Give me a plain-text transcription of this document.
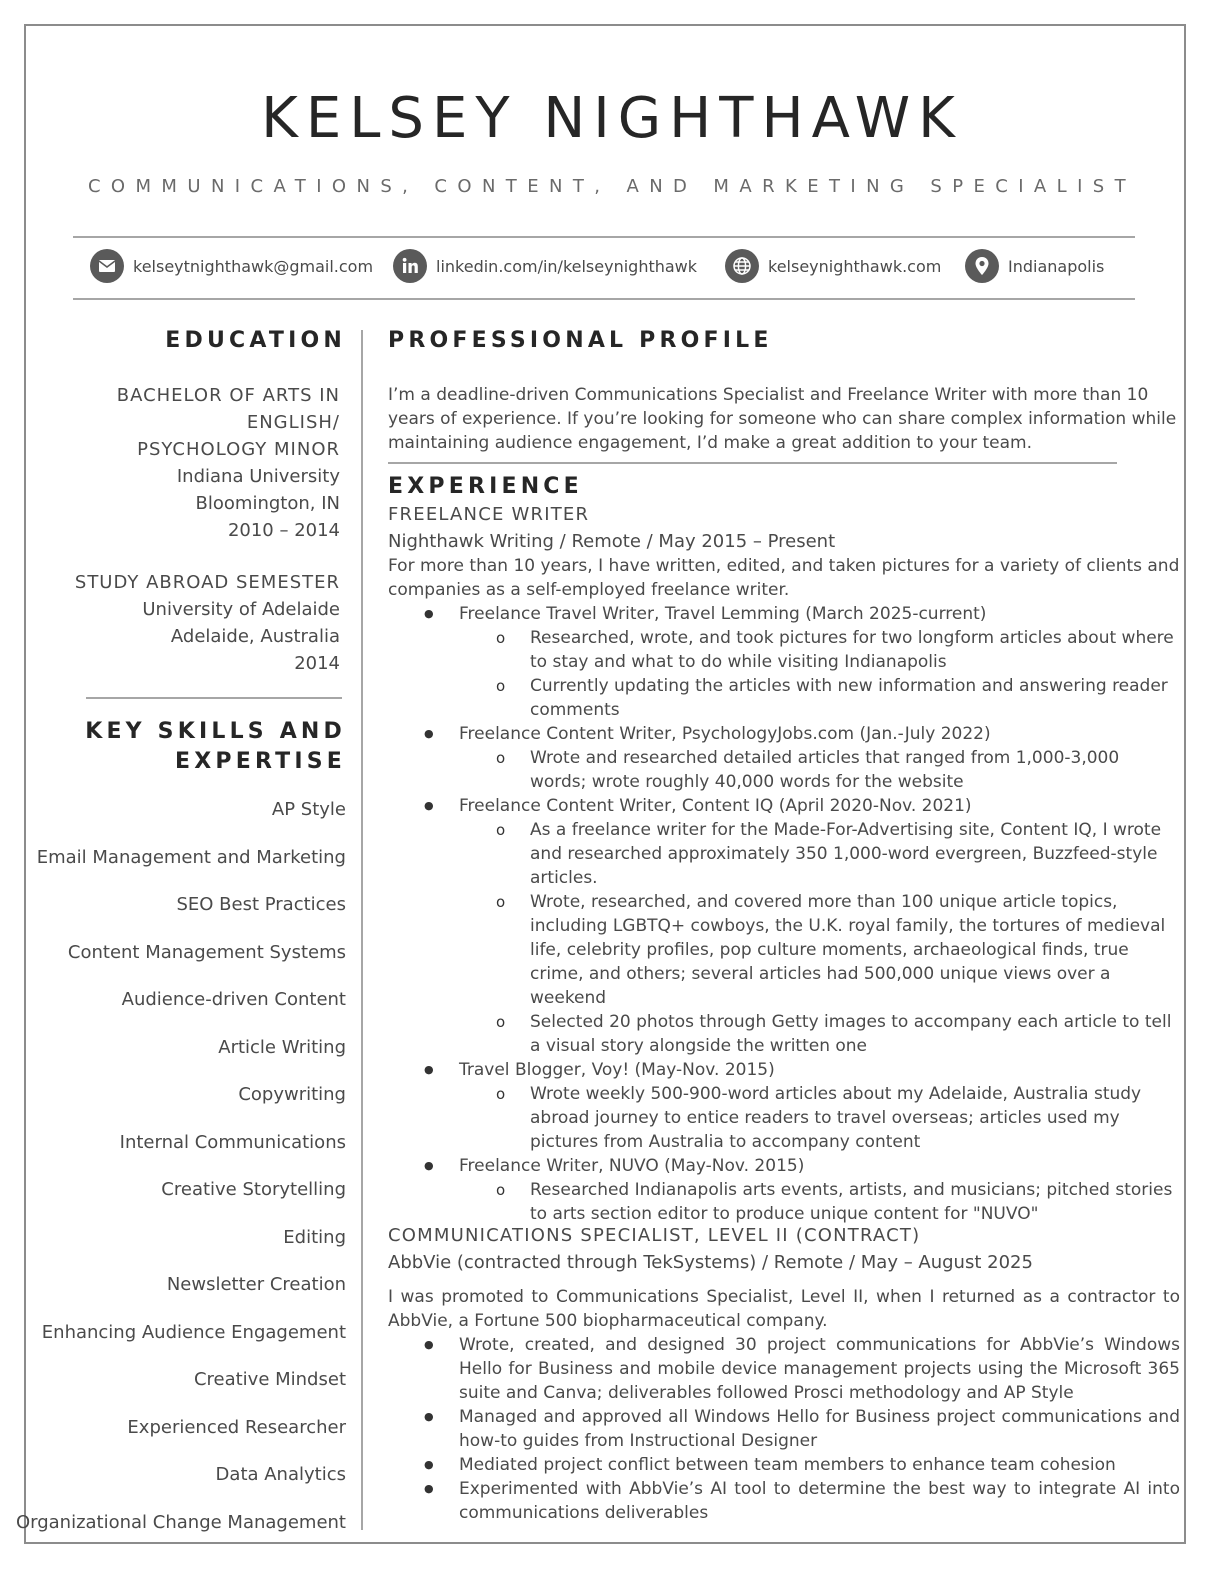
KELSEY NIGHTHAWK
COMMUNICATIONS, CONTENT, AND MARKETING SPECIALIST
kelseytnighthawk@gmail.com	linkedin.com/in/kelseynighthawk	kelseynighthawk.com	Indianapolis
EDUCATION
BACHELOR OF ARTS IN
ENGLISH/
PSYCHOLOGY MINOR
Indiana University
Bloomington, IN
2010 – 2014
STUDY ABROAD SEMESTER
University of Adelaide
Adelaide, Australia
2014
KEY SKILLS AND
EXPERTISE
AP Style
Email Management and Marketing
SEO Best Practices
Content Management Systems
Audience-driven Content
Article Writing
Copywriting
Internal Communications
Creative Storytelling
Editing
Newsletter Creation
Enhancing Audience Engagement
Creative Mindset
Experienced Researcher
Data Analytics
Organizational Change Management
PROFESSIONAL PROFILE
I’m a deadline-driven Communications Specialist and Freelance Writer with more than 10 years of experience. If you’re looking for someone who can share complex information while maintaining audience engagement, I’d make a great addition to your team.
EXPERIENCE
FREELANCE WRITER
Nighthawk Writing / Remote / May 2015 – Present
For more than 10 years, I have written, edited, and taken pictures for a variety of clients and companies as a self-employed freelance writer.
● Freelance Travel Writer, Travel Lemming (March 2025-current)
o Researched, wrote, and took pictures for two longform articles about where to stay and what to do while visiting Indianapolis
o Currently updating the articles with new information and answering reader comments
● Freelance Content Writer, PsychologyJobs.com (Jan.-July 2022)
o Wrote and researched detailed articles that ranged from 1,000-3,000 words; wrote roughly 40,000 words for the website
● Freelance Content Writer, Content IQ (April 2020-Nov. 2021)
o As a freelance writer for the Made-For-Advertising site, Content IQ, I wrote and researched approximately 350 1,000-word evergreen, Buzzfeed-style articles.
o Wrote, researched, and covered more than 100 unique article topics, including LGBTQ+ cowboys, the U.K. royal family, the tortures of medieval life, celebrity profiles, pop culture moments, archaeological finds, true crime, and others; several articles had 500,000 unique views over a weekend
o Selected 20 photos through Getty images to accompany each article to tell a visual story alongside the written one
● Travel Blogger, Voy! (May-Nov. 2015)
o Wrote weekly 500-900-word articles about my Adelaide, Australia study abroad journey to entice readers to travel overseas; articles used my pictures from Australia to accompany content
● Freelance Writer, NUVO (May-Nov. 2015)
o Researched Indianapolis arts events, artists, and musicians; pitched stories to arts section editor to produce unique content for "NUVO"
COMMUNICATIONS SPECIALIST, LEVEL II (CONTRACT)
AbbVie (contracted through TekSystems) / Remote / May – August 2025
I was promoted to Communications Specialist, Level II, when I returned as a contractor to AbbVie, a Fortune 500 biopharmaceutical company.
● Wrote, created, and designed 30 project communications for AbbVie’s Windows Hello for Business and mobile device management projects using the Microsoft 365 suite and Canva; deliverables followed Prosci methodology and AP Style
● Managed and approved all Windows Hello for Business project communications and how-to guides from Instructional Designer
● Mediated project conflict between team members to enhance team cohesion
● Experimented with AbbVie’s AI tool to determine the best way to integrate AI into communications deliverables
